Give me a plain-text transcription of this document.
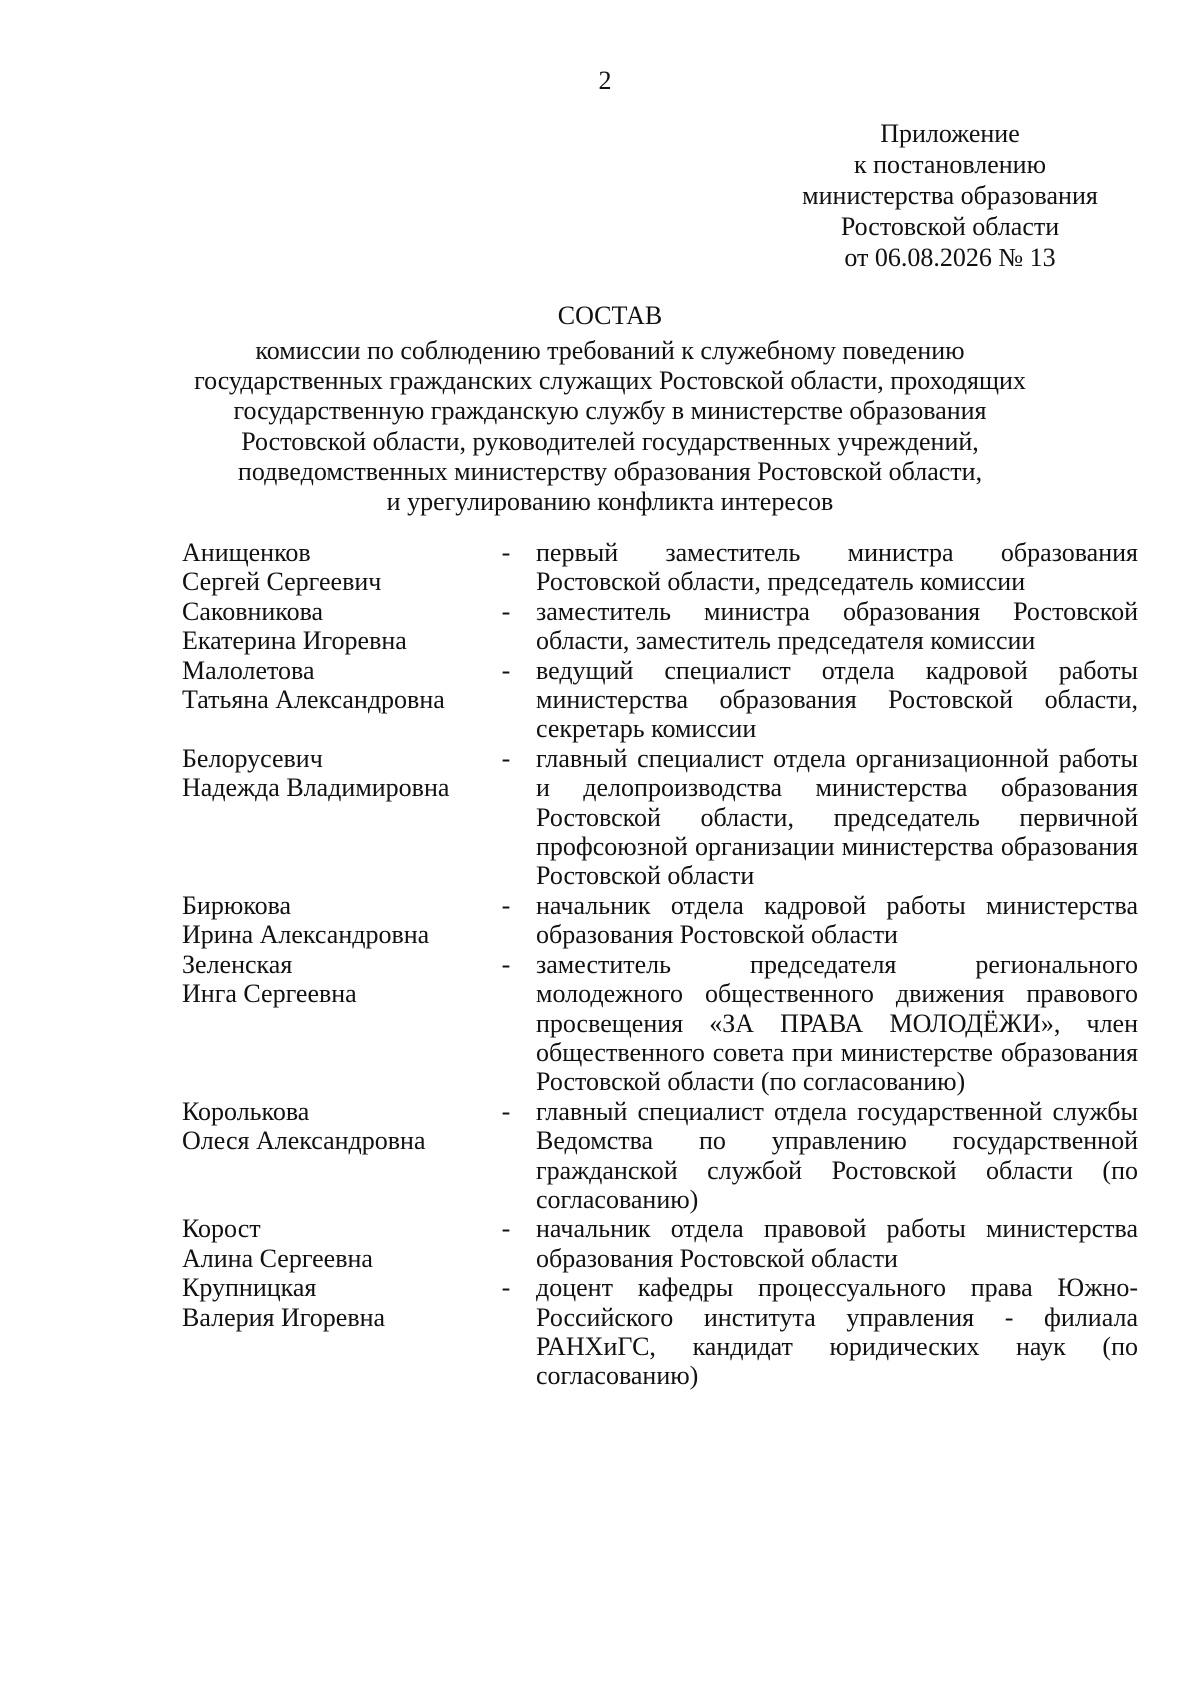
2
Приложение
к постановлению
министерства образования
Ростовской области
от 06.08.2026 № 13
СОСТАВ
комиссии по соблюдению требований к служебному поведению
государственных гражданских служащих Ростовской области, проходящих
государственную гражданскую службу в министерстве образования
Ростовской области, руководителей государственных учреждений,
подведомственных министерству образования Ростовской области,
и урегулированию конфликта интересов
Анищенков
Сергей Сергеевич
- первый заместитель министра образования Ростовской области, председатель комиссии
Саковникова
Екатерина Игоревна
- заместитель министра образования Ростовской области, заместитель председателя комиссии
Малолетова
Татьяна Александровна
- ведущий специалист отдела кадровой работы министерства образования Ростовской области, секретарь комиссии
Белорусевич
Надежда Владимировна
- главный специалист отдела организационной работы и делопроизводства министерства образования Ростовской области, председатель первичной профсоюзной организации министерства образования Ростовской области
Бирюкова
Ирина Александровна
- начальник отдела кадровой работы министерства образования Ростовской области
Зеленская
Инга Сергеевна
- заместитель председателя регионального молодежного общественного движения правового просвещения «ЗА ПРАВА МОЛОДЁЖИ», член общественного совета при министерстве образования Ростовской области (по согласованию)
Королькова
Олеся Александровна
- главный специалист отдела государственной службы Ведомства по управлению государственной гражданской службой Ростовской области (по согласованию)
Корост
Алина Сергеевна
- начальник отдела правовой работы министерства образования Ростовской области
Крупницкая
Валерия Игоревна
- доцент кафедры процессуального права Южно-Российского института управления - филиала РАНХиГС, кандидат юридических наук (по согласованию)
